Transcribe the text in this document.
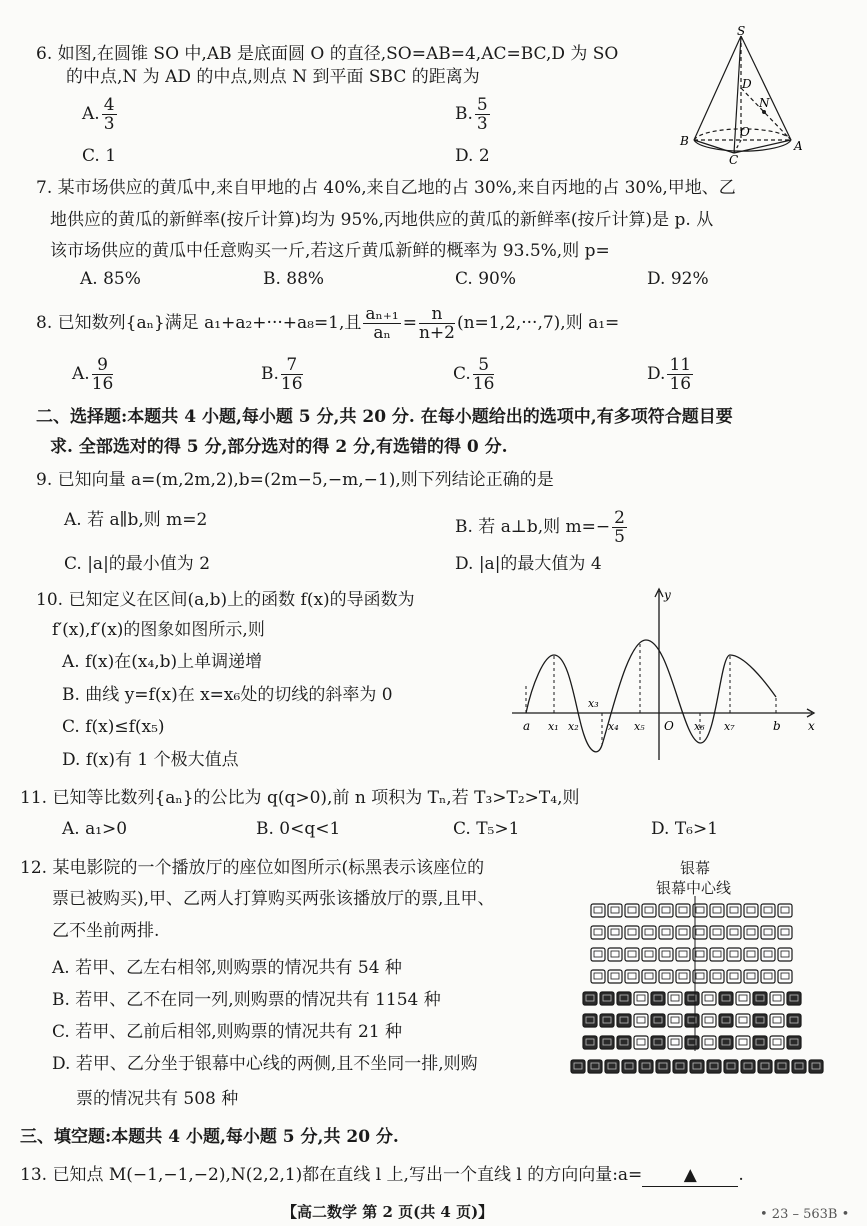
6. 如图,在圆锥 SO 中,AB 是底面圆 O 的直径,SO=AB=4,AC=BC,D 为 SO
的中点,N 为 AD 的中点,则点 N 到平面 SBC 的距离为
A. $\frac{4}{3}$	B. $\frac{5}{3}$
C. 1	D. 2
S
D
N
O
B
C
A
7. 某市场供应的黄瓜中,来自甲地的占 40%,来自乙地的占 30%,来自丙地的占 30%,甲地、乙
地供应的黄瓜的新鲜率(按斤计算)均为 95%,丙地供应的黄瓜的新鲜率(按斤计算)是 p. 从
该市场供应的黄瓜中任意购买一斤,若这斤黄瓜新鲜的概率为 93.5%,则 p=
A. 85%	B. 88%	C. 90%	D. 92%
8. 已知数列{aₙ}满足 a₁+a₂+···+a₈=1,且 $\frac{\text{aₙ₊₁}}{\text{aₙ}} = \frac{n}{n+2} (n=1,2,\cdot\cdot\cdot,7)$,则 a₁=
A. $\frac{9}{16}$	B. $\frac{7}{16}$	C. $\frac{5}{16}$	D. $\frac{11}{16}$
二、选择题:本题共 4 小题,每小题 5 分,共 20 分. 在每小题给出的选项中,有多项符合题目要
求. 全部选对的得 5 分,部分选对的得 2 分,有选错的得 0 分.
9. 已知向量 a=(m,2m,2),b=(2m−5,−m,−1),则下列结论正确的是
A. 若 a∥b,则 m=2	B. 若 a⊥b,则 $m=- \frac{2}{5}$
C. |a|的最小值为 2	D. |a|的最大值为 4
10. 已知定义在区间(a,b)上的函数 f(x)的导函数为
f′(x),f′(x)的图象如图所示,则
A. f(x)在(x₄,b)上单调递增
B. 曲线 y=f(x)在 x=x₆处的切线的斜率为 0
C. f(x)≤f(x₅)
D. f(x)有 1 个极大值点
y
x
O
a x₁ x₂
x₃
x₄ x₅	x₆ x₇	b
11. 已知等比数列{aₙ}的公比为 q(q>0),前 n 项积为 Tₙ,若 T₃>T₂>T₄,则
A. a₁>0	B. 0<q<1	C. T₅>1	D. T₆>1
12. 某电影院的一个播放厅的座位如图所示(标黑表示该座位的
票已被购买),甲、乙两人打算购买两张该播放厅的票,且甲、
乙不坐前两排.
A. 若甲、乙左右相邻,则购票的情况共有 54 种
B. 若甲、乙不在同一列,则购票的情况共有 1154 种
C. 若甲、乙前后相邻,则购票的情况共有 21 种
D. 若甲、乙分坐于银幕中心线的两侧,且不坐同一排,则购
票的情况共有 508 种
银幕
银幕中心线
三、填空题:本题共 4 小题,每小题 5 分,共 20 分.
13. 已知点 M(−1,−1,−2),N(2,2,1)都在直线 l 上,写出一个直线 l 的方向向量:a= ▲ .
【高二数学 第 2 页(共 4 页)】	• 23 – 563B •
